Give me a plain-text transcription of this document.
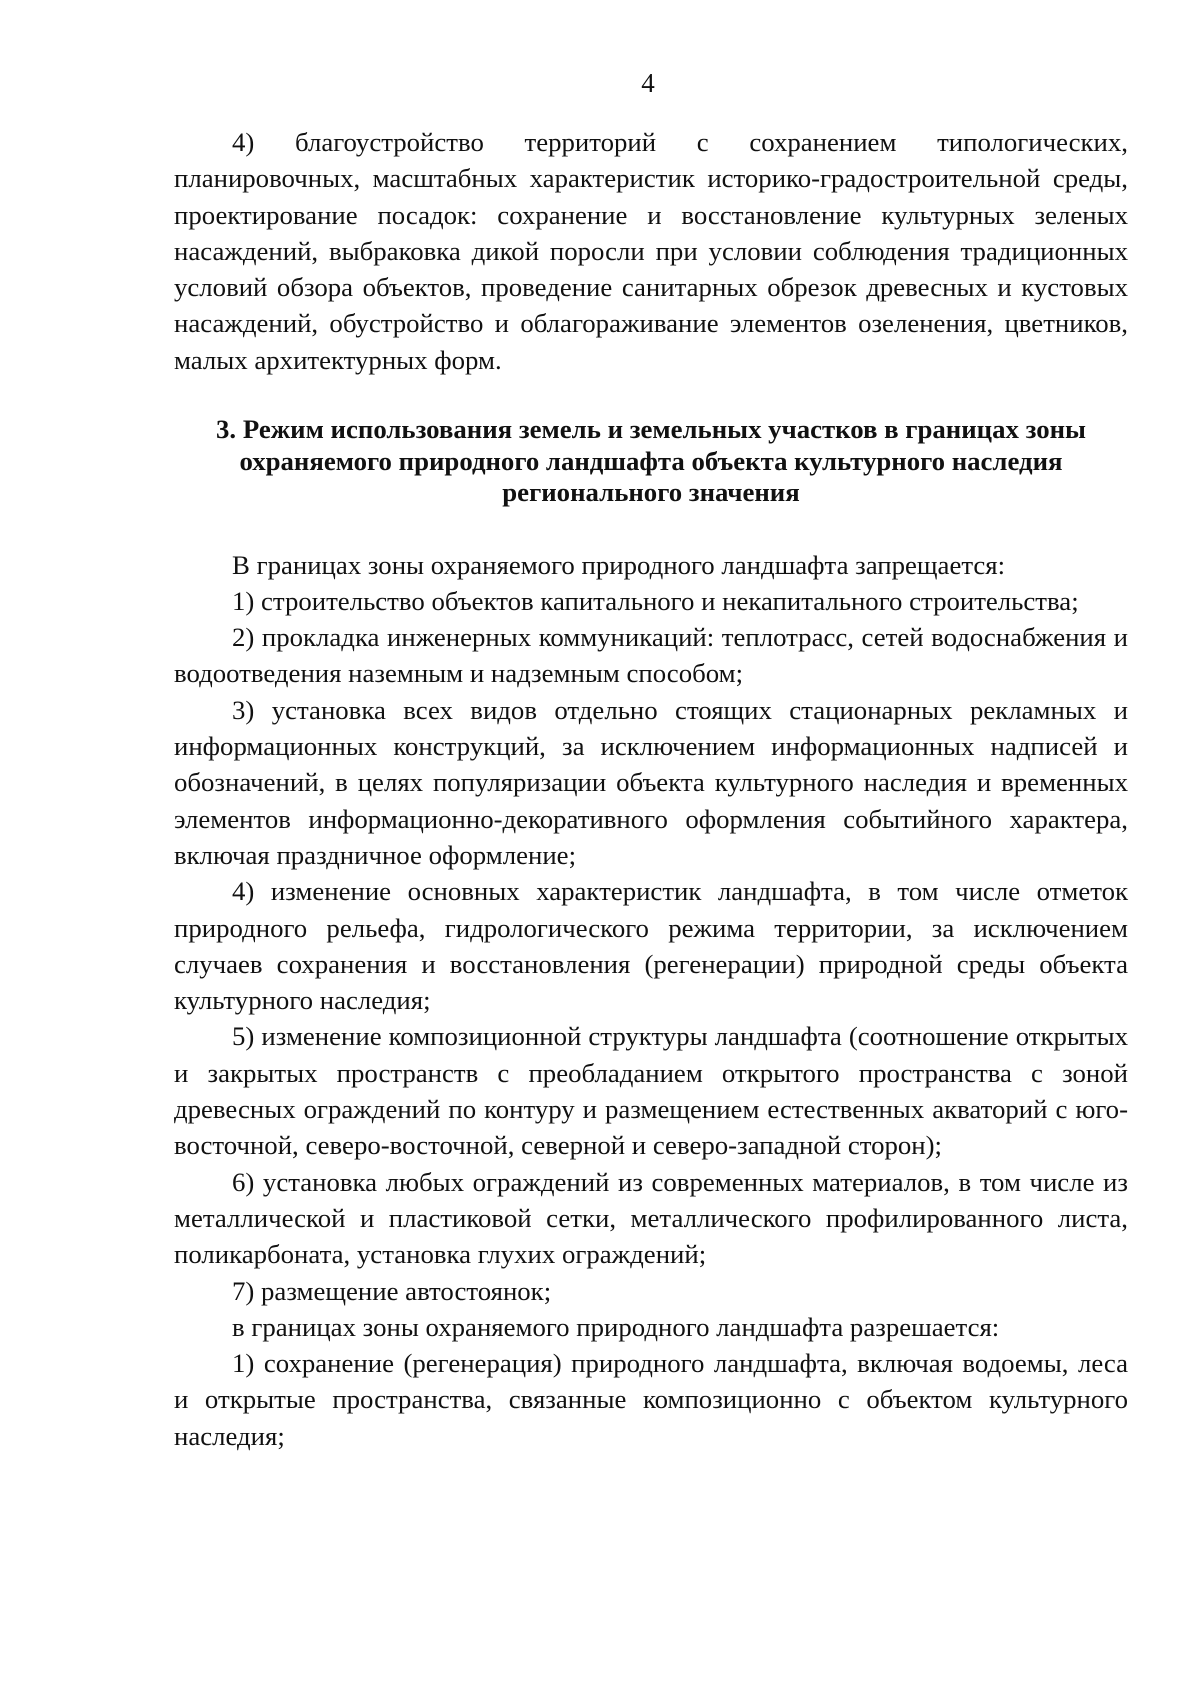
4

4) благоустройство территорий с сохранением типологических, планировочных, масштабных характеристик историко-градостроительной среды, проектирование посадок: сохранение и восстановление культурных зеленых насаждений, выбраковка дикой поросли при условии соблюдения традиционных условий обзора объектов, проведение санитарных обрезок древесных и кустовых насаждений, обустройство и облагораживание элементов озеленения, цветников, малых архитектурных форм.

3. Режим использования земель и земельных участков в границах зоны
охраняемого природного ландшафта объекта культурного наследия
регионального значения

В границах зоны охраняемого природного ландшафта запрещается:

1) строительство объектов капитального и некапитального строительства;

2) прокладка инженерных коммуникаций: теплотрасс, сетей водоснабжения и водоотведения наземным и надземным способом;

3) установка всех видов отдельно стоящих стационарных рекламных и информационных конструкций, за исключением информационных надписей и обозначений, в целях популяризации объекта культурного наследия и временных элементов информационно-декоративного оформления событийного характера, включая праздничное оформление;

4) изменение основных характеристик ландшафта, в том числе отметок природного рельефа, гидрологического режима территории, за исключением случаев сохранения и восстановления (регенерации) природной среды объекта культурного наследия;

5) изменение композиционной структуры ландшафта (соотношение открытых и закрытых пространств с преобладанием открытого пространства с зоной древесных ограждений по контуру и размещением естественных акваторий с юго-восточной, северо-восточной, северной и северо-западной сторон);

6) установка любых ограждений из современных материалов, в том числе из металлической и пластиковой сетки, металлического профилированного листа, поликарбоната, установка глухих ограждений;

7) размещение автостоянок;

в границах зоны охраняемого природного ландшафта разрешается:

1) сохранение (регенерация) природного ландшафта, включая водоемы, леса и открытые пространства, связанные композиционно с объектом культурного наследия;
